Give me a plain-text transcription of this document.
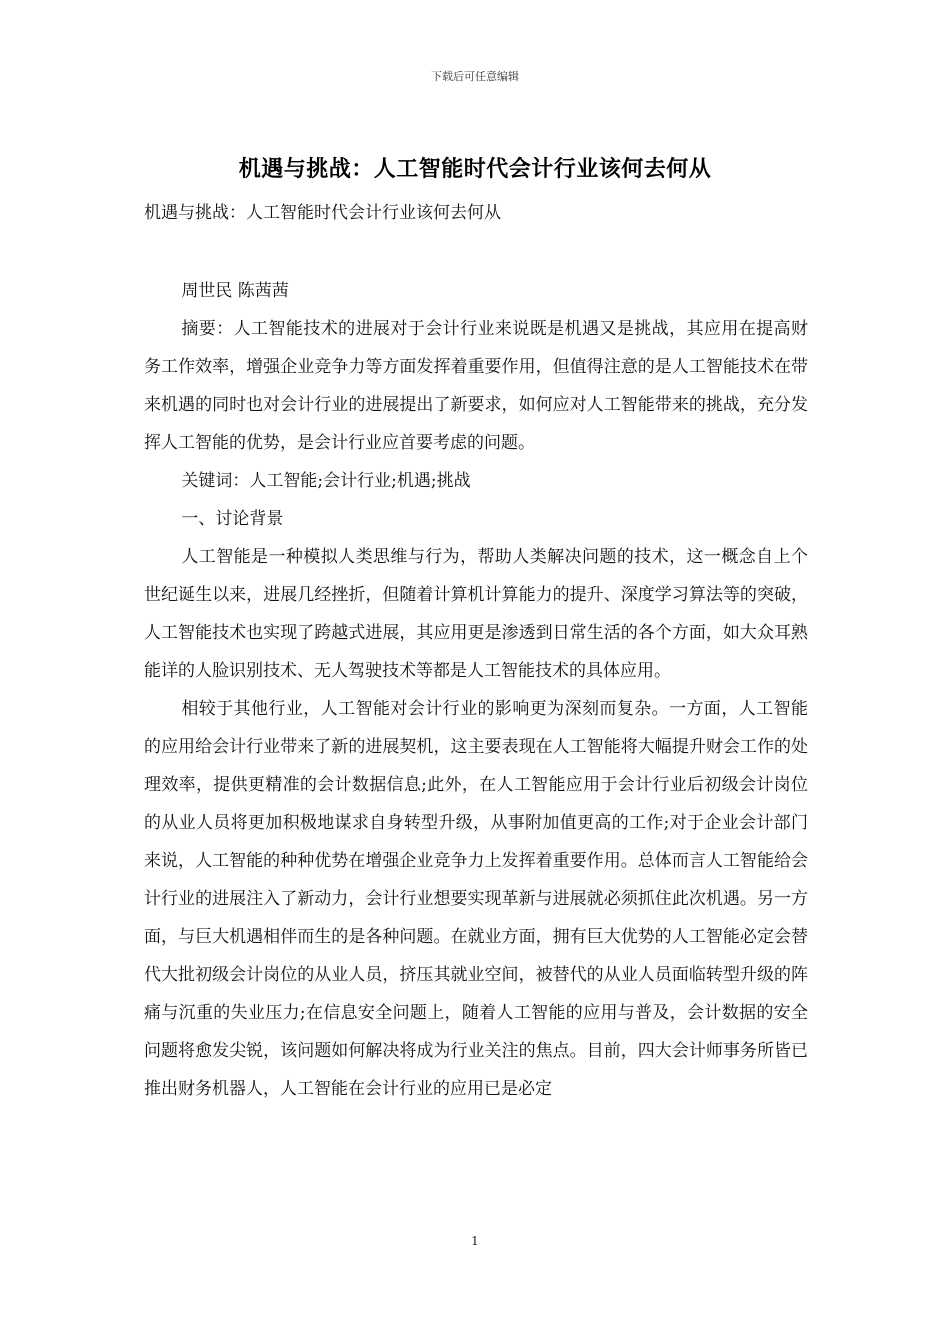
下载后可任意编辑
机遇与挑战：人工智能时代会计行业该何去何从
机遇与挑战：人工智能时代会计行业该何去何从

周世民 陈茜茜

摘要：人工智能技术的进展对于会计行业来说既是机遇又是挑战，其应用在提高财务工作效率，增强企业竞争力等方面发挥着重要作用，但值得注意的是人工智能技术在带来机遇的同时也对会计行业的进展提出了新要求，如何应对人工智能带来的挑战，充分发挥人工智能的优势，是会计行业应首要考虑的问题。

关键词：人工智能;会计行业;机遇;挑战

一、讨论背景

人工智能是一种模拟人类思维与行为，帮助人类解决问题的技术，这一概念自上个世纪诞生以来，进展几经挫折，但随着计算机计算能力的提升、深度学习算法等的突破，人工智能技术也实现了跨越式进展，其应用更是渗透到日常生活的各个方面，如大众耳熟能详的人脸识别技术、无人驾驶技术等都是人工智能技术的具体应用。

相较于其他行业，人工智能对会计行业的影响更为深刻而复杂。一方面，人工智能的应用给会计行业带来了新的进展契机，这主要表现在人工智能将大幅提升财会工作的处理效率，提供更精准的会计数据信息;此外，在人工智能应用于会计行业后初级会计岗位的从业人员将更加积极地谋求自身转型升级，从事附加值更高的工作;对于企业会计部门来说，人工智能的种种优势在增强企业竞争力上发挥着重要作用。总体而言人工智能给会计行业的进展注入了新动力，会计行业想要实现革新与进展就必须抓住此次机遇。另一方面，与巨大机遇相伴而生的是各种问题。在就业方面，拥有巨大优势的人工智能必定会替代大批初级会计岗位的从业人员，挤压其就业空间，被替代的从业人员面临转型升级的阵痛与沉重的失业压力;在信息安全问题上，随着人工智能的应用与普及，会计数据的安全问题将愈发尖锐，该问题如何解决将成为行业关注的焦点。目前，四大会计师事务所皆已推出财务机器人，人工智能在会计行业的应用已是必定

1
